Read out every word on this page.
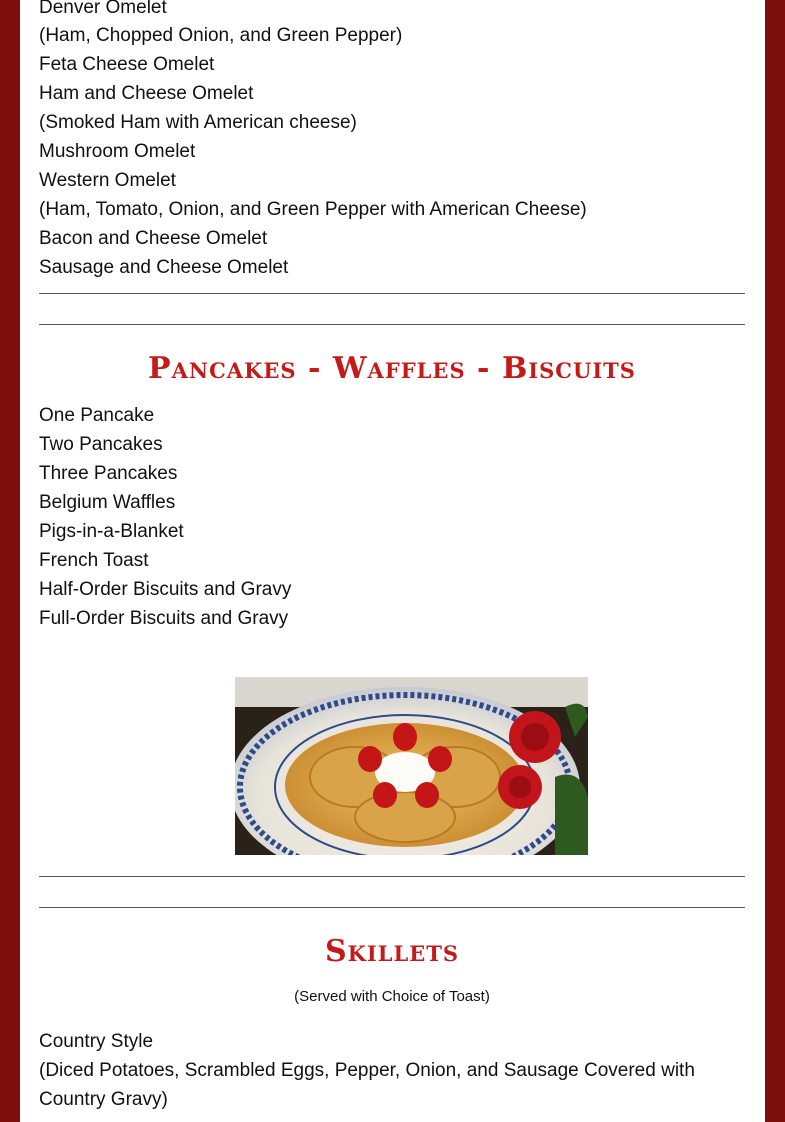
Denver Omelet
(Ham, Chopped Onion, and Green Pepper)
Feta Cheese Omelet
Ham and Cheese Omelet
(Smoked Ham with American cheese)
Mushroom Omelet
Western Omelet
(Ham, Tomato, Onion, and Green Pepper with American Cheese)
Bacon and Cheese Omelet
Sausage and Cheese Omelet
Pancakes - Waffles - Biscuits
One Pancake
Two Pancakes
Three Pancakes
Belgium Waffles
Pigs-in-a-Blanket
French Toast
Half-Order Biscuits and Gravy
Full-Order Biscuits and Gravy
Skillets
(Served with Choice of Toast)
Country Style
(Diced Potatoes, Scrambled Eggs, Pepper, Onion, and Sausage Covered with Country Gravy)
